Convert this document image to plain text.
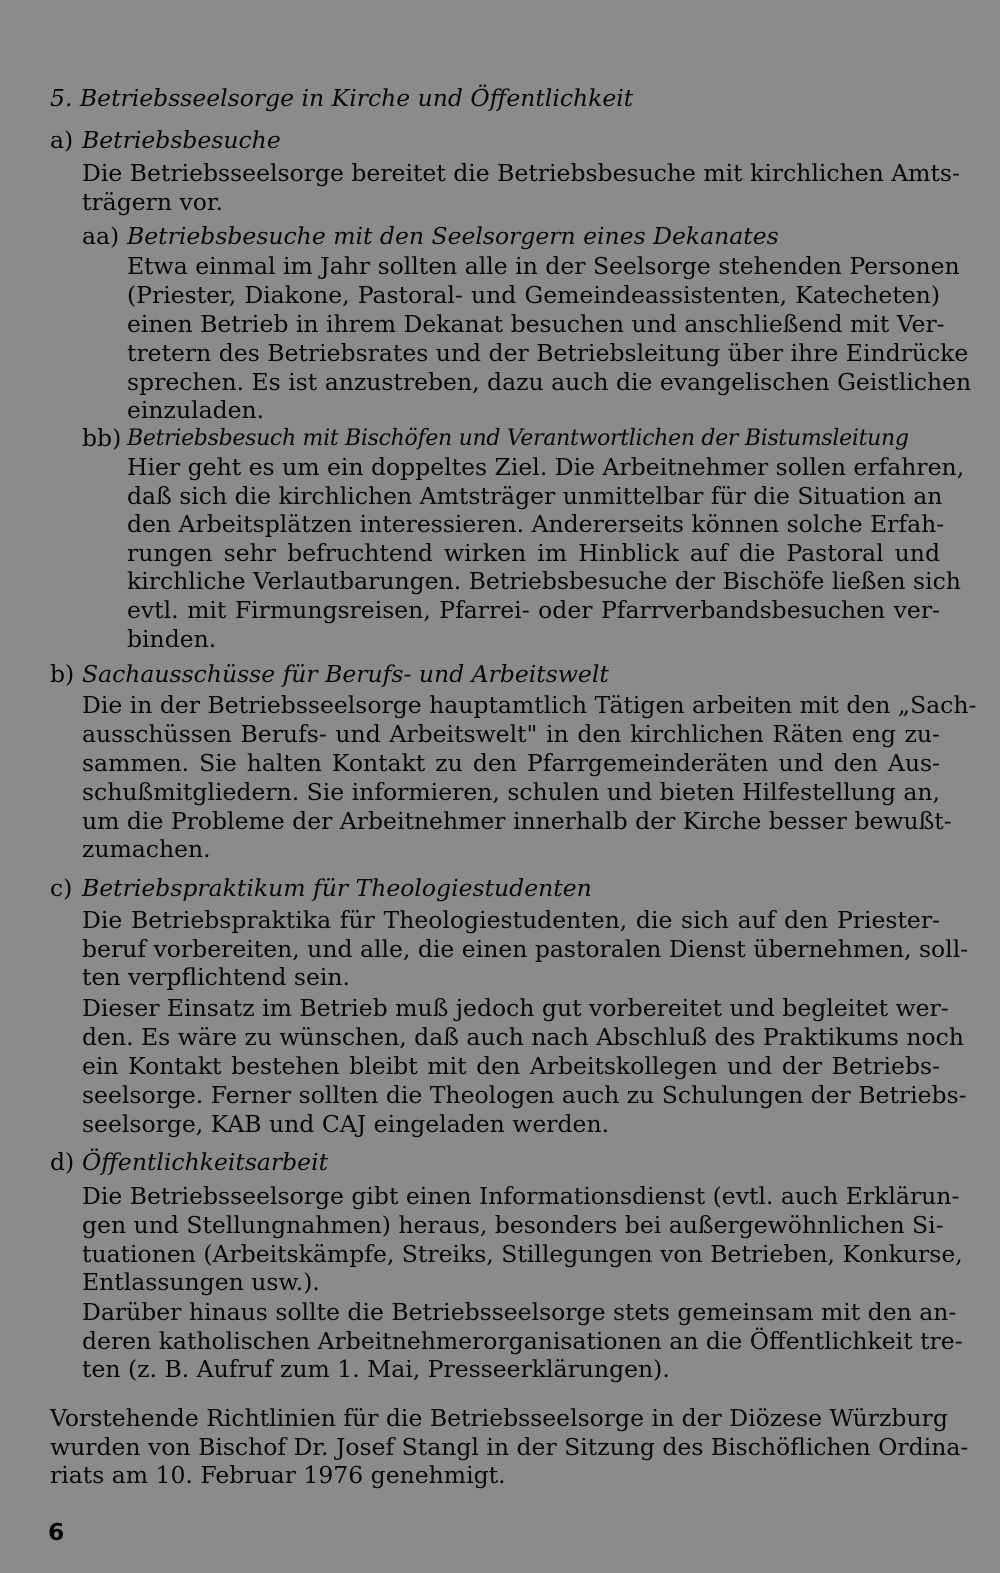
5. Betriebsseelsorge in Kirche und Öffentlichkeit
a) Betriebsbesuche
Die Betriebsseelsorge bereitet die Betriebsbesuche mit kirchlichen Amts-
trägern vor.
aa) Betriebsbesuche mit den Seelsorgern eines Dekanates
Etwa einmal im Jahr sollten alle in der Seelsorge stehenden Personen
(Priester, Diakone, Pastoral- und Gemeindeassistenten, Katecheten)
einen Betrieb in ihrem Dekanat besuchen und anschließend mit Ver-
tretern des Betriebsrates und der Betriebsleitung über ihre Eindrücke
sprechen. Es ist anzustreben, dazu auch die evangelischen Geistlichen
einzuladen.
bb) Betriebsbesuch mit Bischöfen und Verantwortlichen der Bistumsleitung
Hier geht es um ein doppeltes Ziel. Die Arbeitnehmer sollen erfahren,
daß sich die kirchlichen Amtsträger unmittelbar für die Situation an
den Arbeitsplätzen interessieren. Andererseits können solche Erfah-
rungen sehr befruchtend wirken im Hinblick auf die Pastoral und
kirchliche Verlautbarungen. Betriebsbesuche der Bischöfe ließen sich
evtl. mit Firmungsreisen, Pfarrei- oder Pfarrverbandsbesuchen ver-
binden.
b) Sachausschüsse für Berufs- und Arbeitswelt
Die in der Betriebsseelsorge hauptamtlich Tätigen arbeiten mit den „Sach-
ausschüssen Berufs- und Arbeitswelt" in den kirchlichen Räten eng zu-
sammen. Sie halten Kontakt zu den Pfarrgemeinderäten und den Aus-
schußmitgliedern. Sie informieren, schulen und bieten Hilfestellung an,
um die Probleme der Arbeitnehmer innerhalb der Kirche besser bewußt-
zumachen.
c) Betriebspraktikum für Theologiestudenten
Die Betriebspraktika für Theologiestudenten, die sich auf den Priester-
beruf vorbereiten, und alle, die einen pastoralen Dienst übernehmen, soll-
ten verpflichtend sein.
Dieser Einsatz im Betrieb muß jedoch gut vorbereitet und begleitet wer-
den. Es wäre zu wünschen, daß auch nach Abschluß des Praktikums noch
ein Kontakt bestehen bleibt mit den Arbeitskollegen und der Betriebs-
seelsorge. Ferner sollten die Theologen auch zu Schulungen der Betriebs-
seelsorge, KAB und CAJ eingeladen werden.
d) Öffentlichkeitsarbeit
Die Betriebsseelsorge gibt einen Informationsdienst (evtl. auch Erklärun-
gen und Stellungnahmen) heraus, besonders bei außergewöhnlichen Si-
tuationen (Arbeitskämpfe, Streiks, Stillegungen von Betrieben, Konkurse,
Entlassungen usw.).
Darüber hinaus sollte die Betriebsseelsorge stets gemeinsam mit den an-
deren katholischen Arbeitnehmerorganisationen an die Öffentlichkeit tre-
ten (z. B. Aufruf zum 1. Mai, Presseerklärungen).
Vorstehende Richtlinien für die Betriebsseelsorge in der Diözese Würzburg
wurden von Bischof Dr. Josef Stangl in der Sitzung des Bischöflichen Ordina-
riats am 10. Februar 1976 genehmigt.
6
